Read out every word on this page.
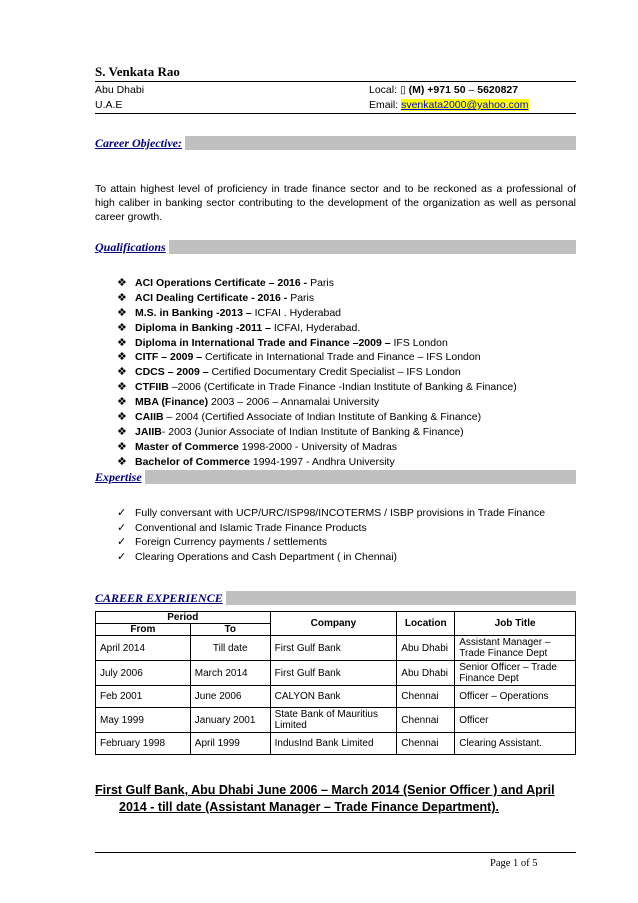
S. Venkata Rao
Abu Dhabi	Local: ▯ (M) +971 50 – 5620827
U.A.E	Email: svenkata2000@yahoo.com
Career Objective:
To attain highest level of proficiency in trade finance sector and to be reckoned as a professional of high caliber in banking sector contributing to the development of the organization as well as personal career growth.
Qualifications
❖ ACI Operations Certificate – 2016 - Paris
❖ ACI Dealing Certificate - 2016 - Paris
❖ M.S. in Banking -2013 – ICFAI . Hyderabad
❖ Diploma in Banking -2011 – ICFAI, Hyderabad.
❖ Diploma in International Trade and Finance –2009 – IFS London
❖ CITF – 2009 – Certificate in International Trade and Finance – IFS London
❖ CDCS – 2009 – Certified Documentary Credit Specialist – IFS London
❖ CTFIIB –2006 (Certificate in Trade Finance -Indian Institute of Banking & Finance)
❖ MBA (Finance) 2003 – 2006 – Annamalai University
❖ CAIIB – 2004 (Certified Associate of Indian Institute of Banking & Finance)
❖ JAIIB- 2003 (Junior Associate of Indian Institute of Banking & Finance)
❖ Master of Commerce 1998-2000 - University of Madras
❖ Bachelor of Commerce 1994-1997 - Andhra University
Expertise
✓ Fully conversant with UCP/URC/ISP98/INCOTERMS / ISBP provisions in Trade Finance
✓ Conventional and Islamic Trade Finance Products
✓ Foreign Currency payments / settlements
✓ Clearing Operations and Cash Department ( in Chennai)
CAREER EXPERIENCE
Period		Company	Location	Job Title
From	To			
April 2014	Till date	First Gulf Bank	Abu Dhabi	Assistant Manager – Trade Finance Dept
July 2006	March 2014	First Gulf Bank	Abu Dhabi	Senior Officer – Trade Finance Dept
Feb 2001	June 2006	CALYON Bank	Chennai	Officer – Operations
May 1999	January 2001	State Bank of Mauritius Limited	Chennai	Officer
February 1998	April 1999	IndusInd Bank Limited	Chennai	Clearing Assistant.
First Gulf Bank, Abu Dhabi June 2006 – March 2014 (Senior Officer ) and April
2014 - till date (Assistant Manager – Trade Finance Department).
Page 1 of 5
